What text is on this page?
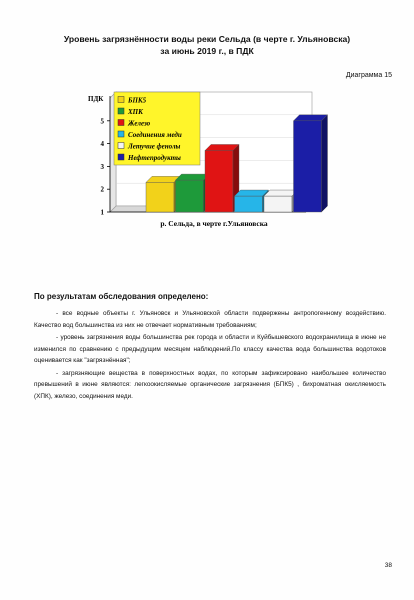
Уровень загрязнённости воды реки Сельда (в черте г. Ульяновска)
за июнь 2019 г., в ПДК
Диаграмма 15
1
2
3
4
5
ПДК	БПК5
ХПК
Железо
Соединения меди
Летучие фенолы
Нефтепродукты
р. Сельда, в черте г.Ульяновска
По результатам обследования определено:

- все водные объекты г. Ульяновск и Ульяновской области подвержены антропогенному воздействию. Качество вод большинства из них не отвечает нормативным требованиям;

- уровень загрязнения воды большинства рек города и области и Куйбышевского водохранилища в июне не изменился по сравнению с предыдущим месяцем наблюдений.По классу качества вода большинства водотоков оценивается как "загрязнённая";

- загрязняющие вещества в поверхностных водах, по которым зафиксировано наибольшее количество превышений в июне являются: легкоокисляемые органические загрязнения (БПК5) , бихроматная окисляемость (ХПК), железо, соединения меди.

38
